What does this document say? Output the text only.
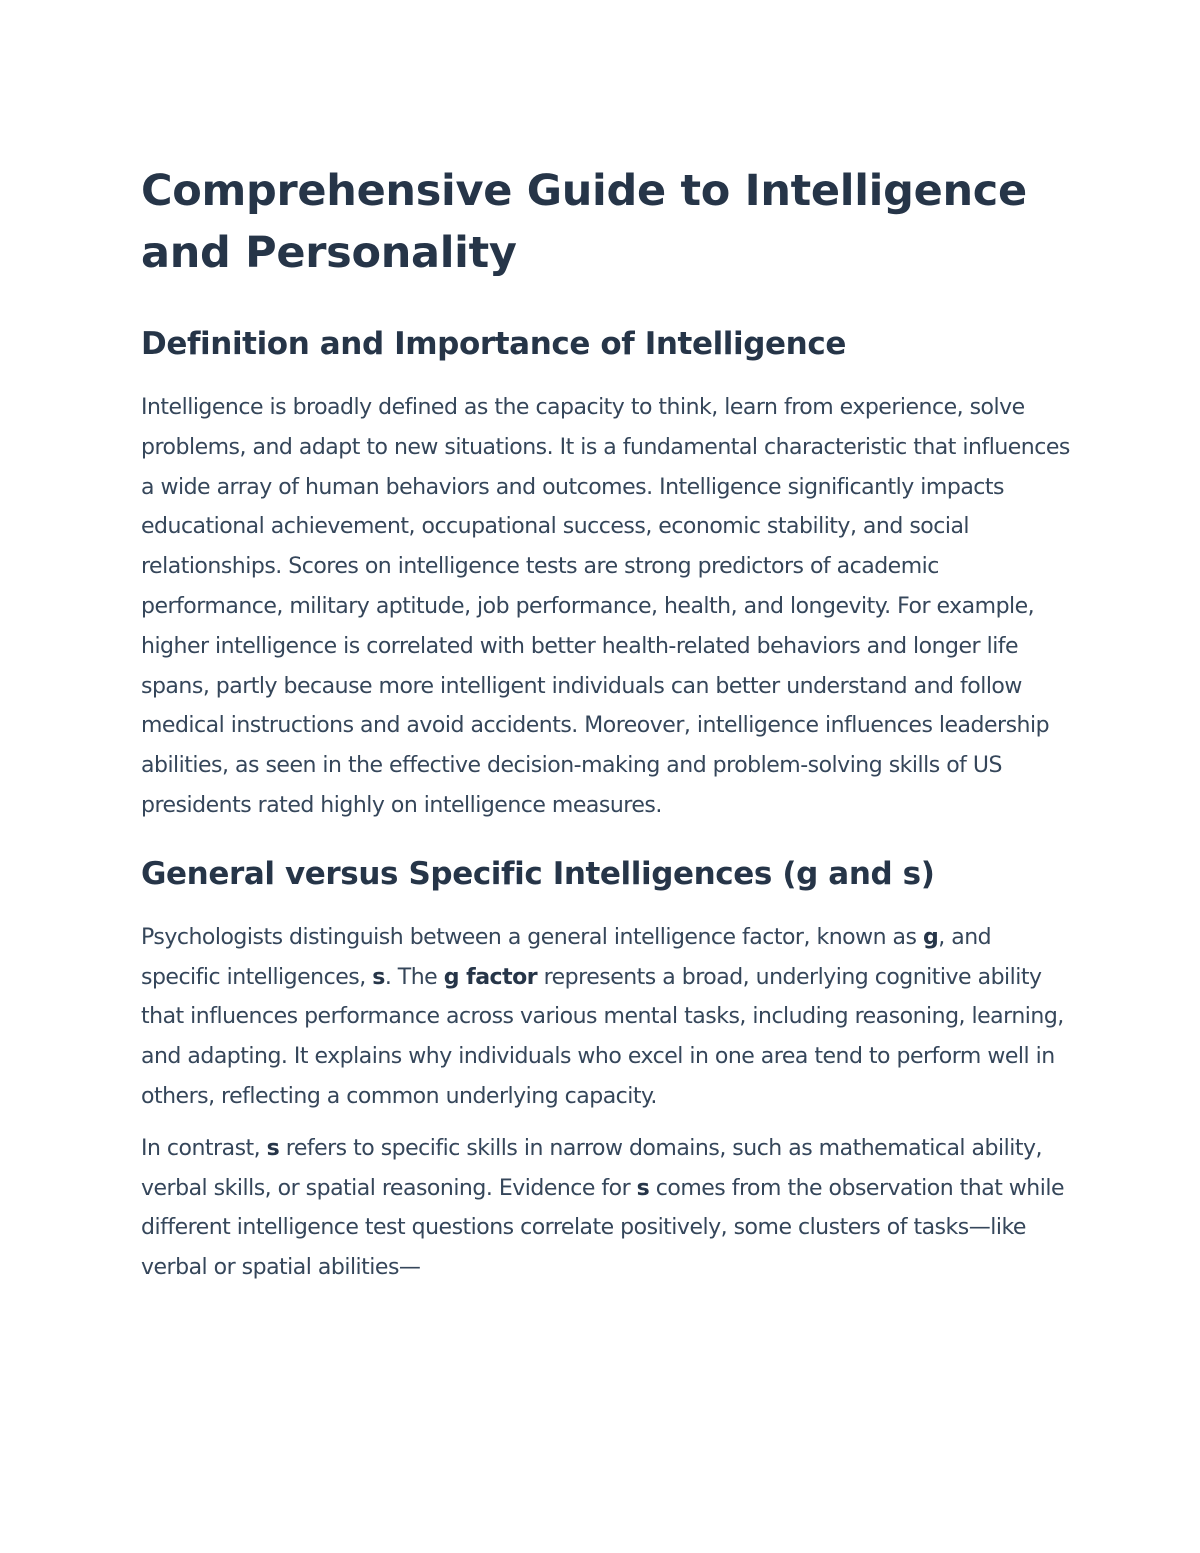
Comprehensive Guide to Intelligence and Personality
Definition and Importance of Intelligence

Intelligence is broadly defined as the capacity to think, learn from experience, solve problems, and adapt to new situations. It is a fundamental characteristic that influences a wide array of human behaviors and outcomes. Intelligence significantly impacts educational achievement, occupational success, economic stability, and social relationships. Scores on intelligence tests are strong predictors of academic performance, military aptitude, job performance, health, and longevity. For example, higher intelligence is correlated with better health-related behaviors and longer life spans, partly because more intelligent individuals can better understand and follow medical instructions and avoid accidents. Moreover, intelligence influences leadership abilities, as seen in the effective decision-making and problem-solving skills of US presidents rated highly on intelligence measures.

General versus Specific Intelligences (g and s)

Psychologists distinguish between a general intelligence factor, known as g, and specific intelligences, s. The g factor represents a broad, underlying cognitive ability that influences performance across various mental tasks, including reasoning, learning, and adapting. It explains why individuals who excel in one area tend to perform well in others, reflecting a common underlying capacity.

In contrast, s refers to specific skills in narrow domains, such as mathematical ability, verbal skills, or spatial reasoning. Evidence for s comes from the observation that while different intelligence test questions correlate positively, some clusters of tasks—like verbal or spatial abilities—
